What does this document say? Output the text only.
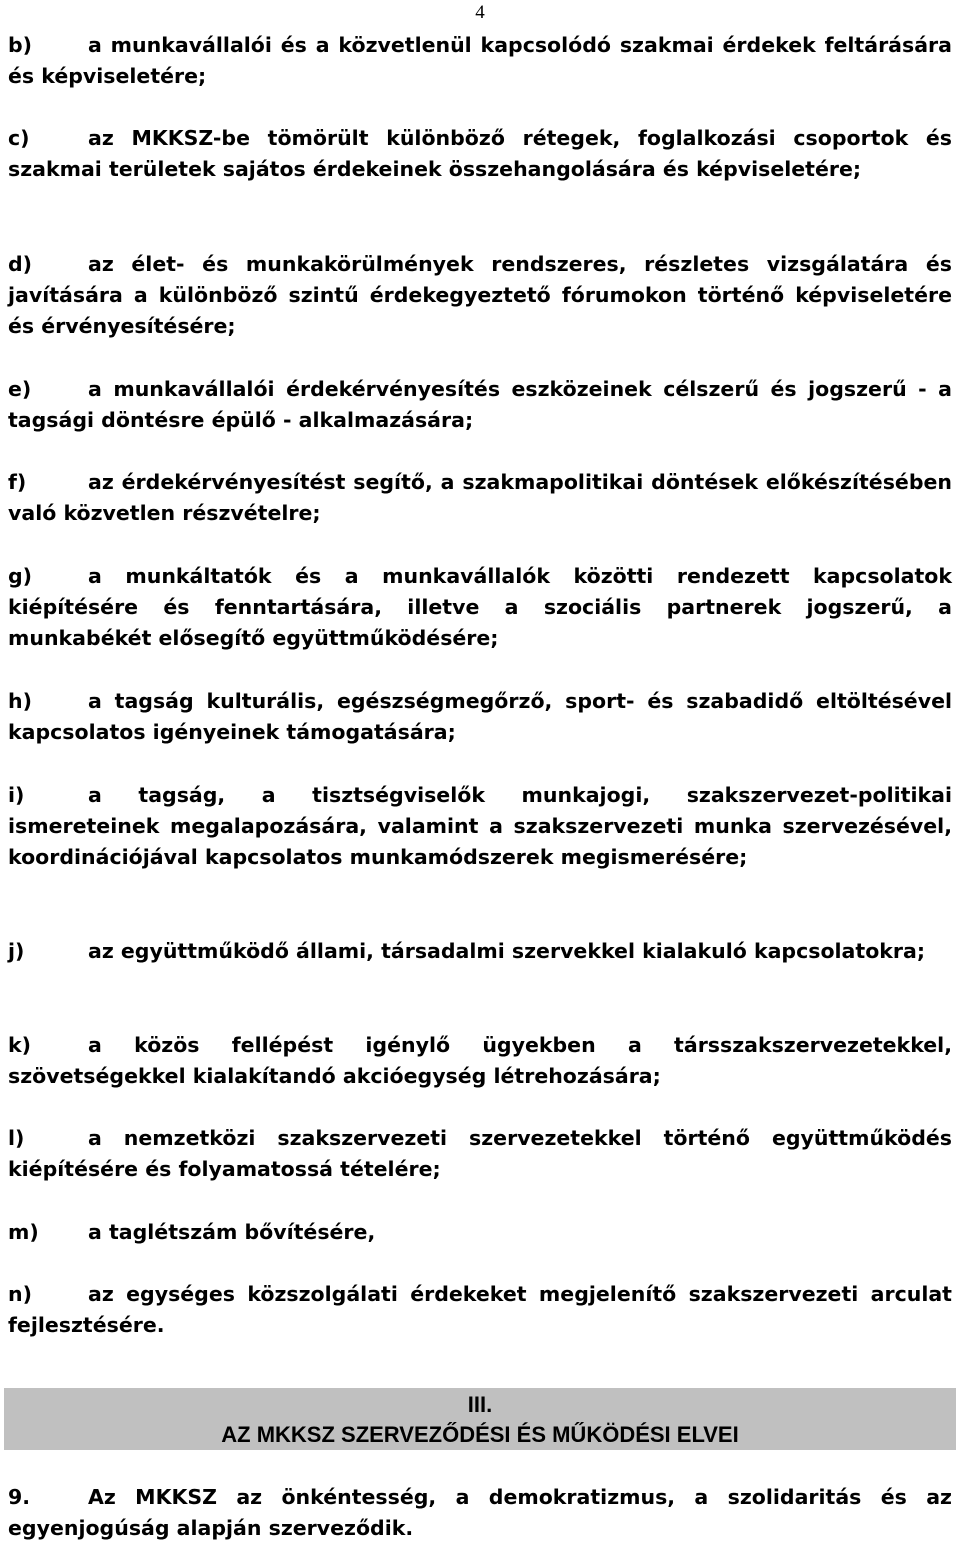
4
b)	a munkavállalói és a közvetlenül kapcsolódó szakmai érdekek feltárására és képviseletére;
c)	az MKKSZ-be tömörült különböző rétegek, foglalkozási csoportok és szakmai területek sajátos érdekeinek összehangolására és képviseletére;
d)	az élet- és munkakörülmények rendszeres, részletes vizsgálatára és javítására a különböző szintű érdekegyeztető fórumokon történő képviseletére és érvényesítésére;
e)	a munkavállalói érdekérvényesítés eszközeinek célszerű és jogszerű - a tagsági döntésre épülő - alkalmazására;
f)	az érdekérvényesítést segítő, a szakmapolitikai döntések előkészítésében való közvetlen részvételre;
g)	a munkáltatók és a munkavállalók közötti rendezett kapcsolatok kiépítésére és fenntartására, illetve a szociális partnerek jogszerű, a munkabékét elősegítő együttműködésére;
h)	a tagság kulturális, egészségmegőrző, sport- és szabadidő eltöltésével kapcsolatos igényeinek támogatására;
i)	a tagság, a tisztségviselők munkajogi, szakszervezet-politikai ismereteinek megalapozására, valamint a szakszervezeti munka szervezésével, koordinációjával kapcsolatos munkamódszerek megismerésére;
j)	az együttműködő állami, társadalmi szervekkel kialakuló kapcsolatokra;
k)	a közös fellépést igénylő ügyekben a társszakszervezetekkel, szövetségekkel kialakítandó akcióegység létrehozására;
l)	a nemzetközi szakszervezeti szervezetekkel történő együttműködés kiépítésére és folyamatossá tételére;
m) a taglétszám bővítésére,
n)	az egységes közszolgálati érdekeket megjelenítő szakszervezeti arculat fejlesztésére.
III.
AZ MKKSZ SZERVEZŐDÉSI ÉS MŰKÖDÉSI ELVEI
9.	Az MKKSZ az önkéntesség, a demokratizmus, a szolidaritás és az egyenjogúság alapján szerveződik.
